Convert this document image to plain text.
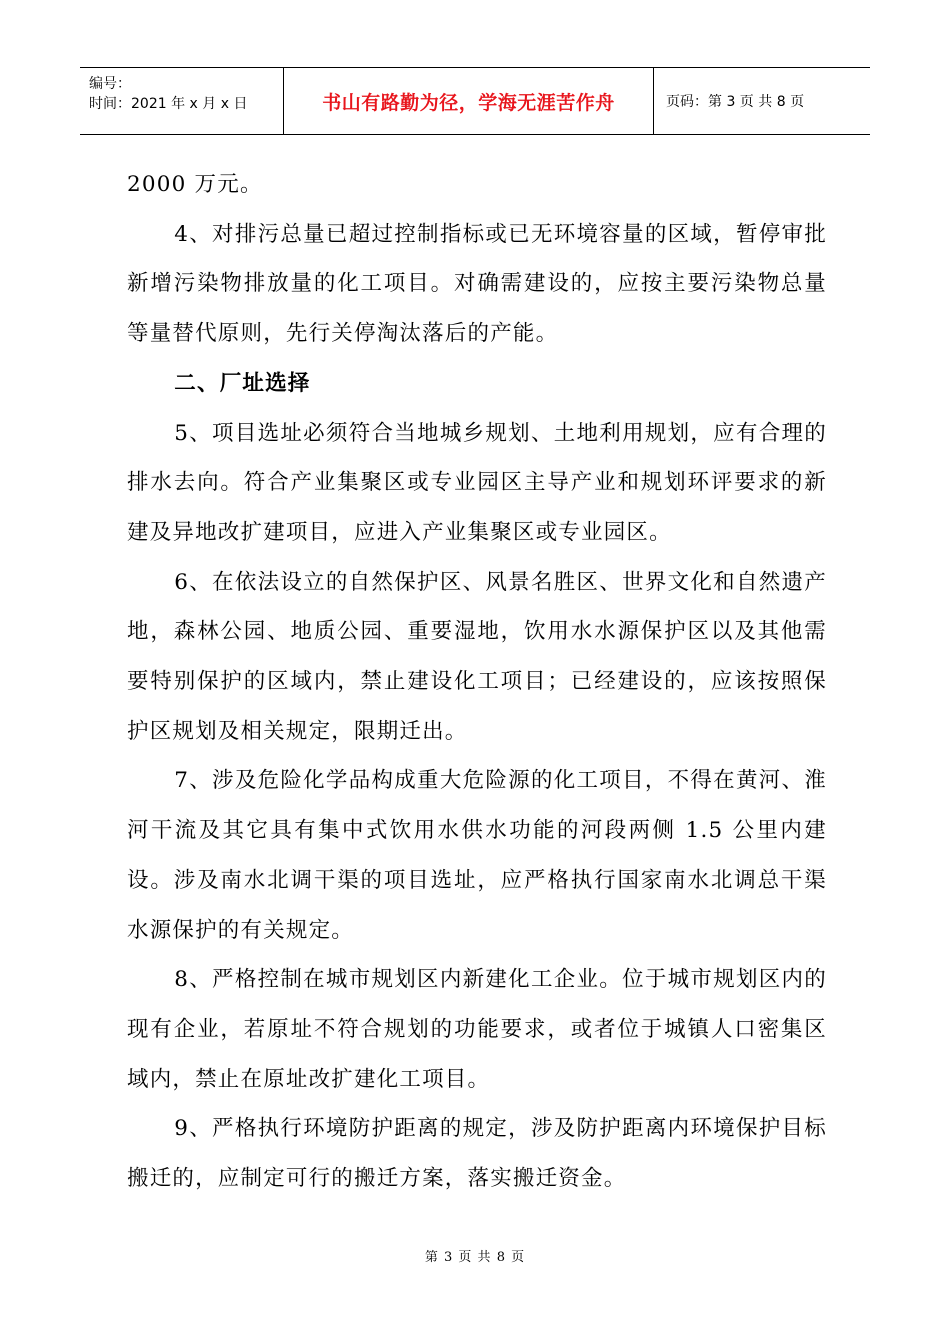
编号：
时间：2021 年 x 月 x 日	书山有路勤为径，学海无涯苦作舟	页码：第 3 页 共 8 页

2000 万元。

4、对排污总量已超过控制指标或已无环境容量的区域，暂停审批新增污染物排放量的化工项目。对确需建设的，应按主要污染物总量等量替代原则，先行关停淘汰落后的产能。

二、厂址选择

5、项目选址必须符合当地城乡规划、土地利用规划，应有合理的排水去向。符合产业集聚区或专业园区主导产业和规划环评要求的新建及异地改扩建项目，应进入产业集聚区或专业园区。

6、在依法设立的自然保护区、风景名胜区、世界文化和自然遗产地，森林公园、地质公园、重要湿地，饮用水水源保护区以及其他需要特别保护的区域内，禁止建设化工项目；已经建设的，应该按照保护区规划及相关规定，限期迁出。

7、涉及危险化学品构成重大危险源的化工项目，不得在黄河、淮河干流及其它具有集中式饮用水供水功能的河段两侧 1.5 公里内建设。涉及南水北调干渠的项目选址，应严格执行国家南水北调总干渠水源保护的有关规定。

8、严格控制在城市规划区内新建化工企业。位于城市规划区内的现有企业，若原址不符合规划的功能要求，或者位于城镇人口密集区域内，禁止在原址改扩建化工项目。

9、严格执行环境防护距离的规定，涉及防护距离内环境保护目标搬迁的，应制定可行的搬迁方案，落实搬迁资金。

第 3 页 共 8 页
